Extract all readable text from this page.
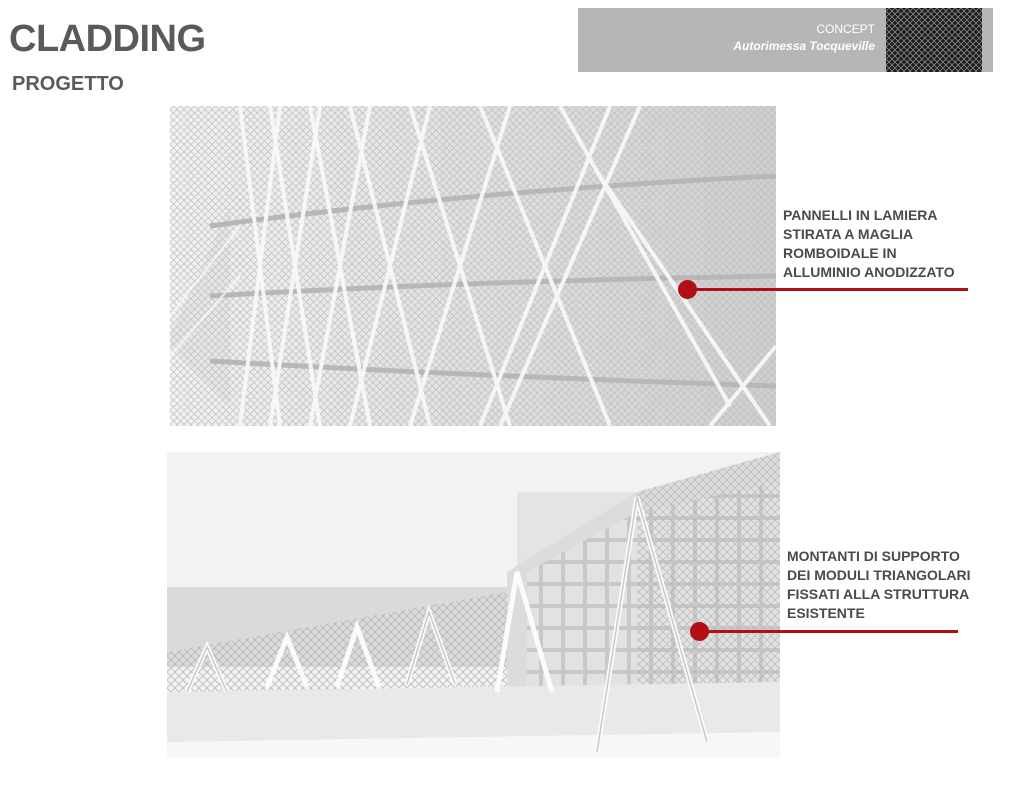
CLADDING
PROGETTO
CONCEPT
Autorimessa Tocqueville
PANNELLI IN LAMIERA
STIRATA A MAGLIA
ROMBOIDALE IN
ALLUMINIO ANODIZZATO
MONTANTI DI SUPPORTO
DEI MODULI TRIANGOLARI
FISSATI ALLA STRUTTURA
ESISTENTE
